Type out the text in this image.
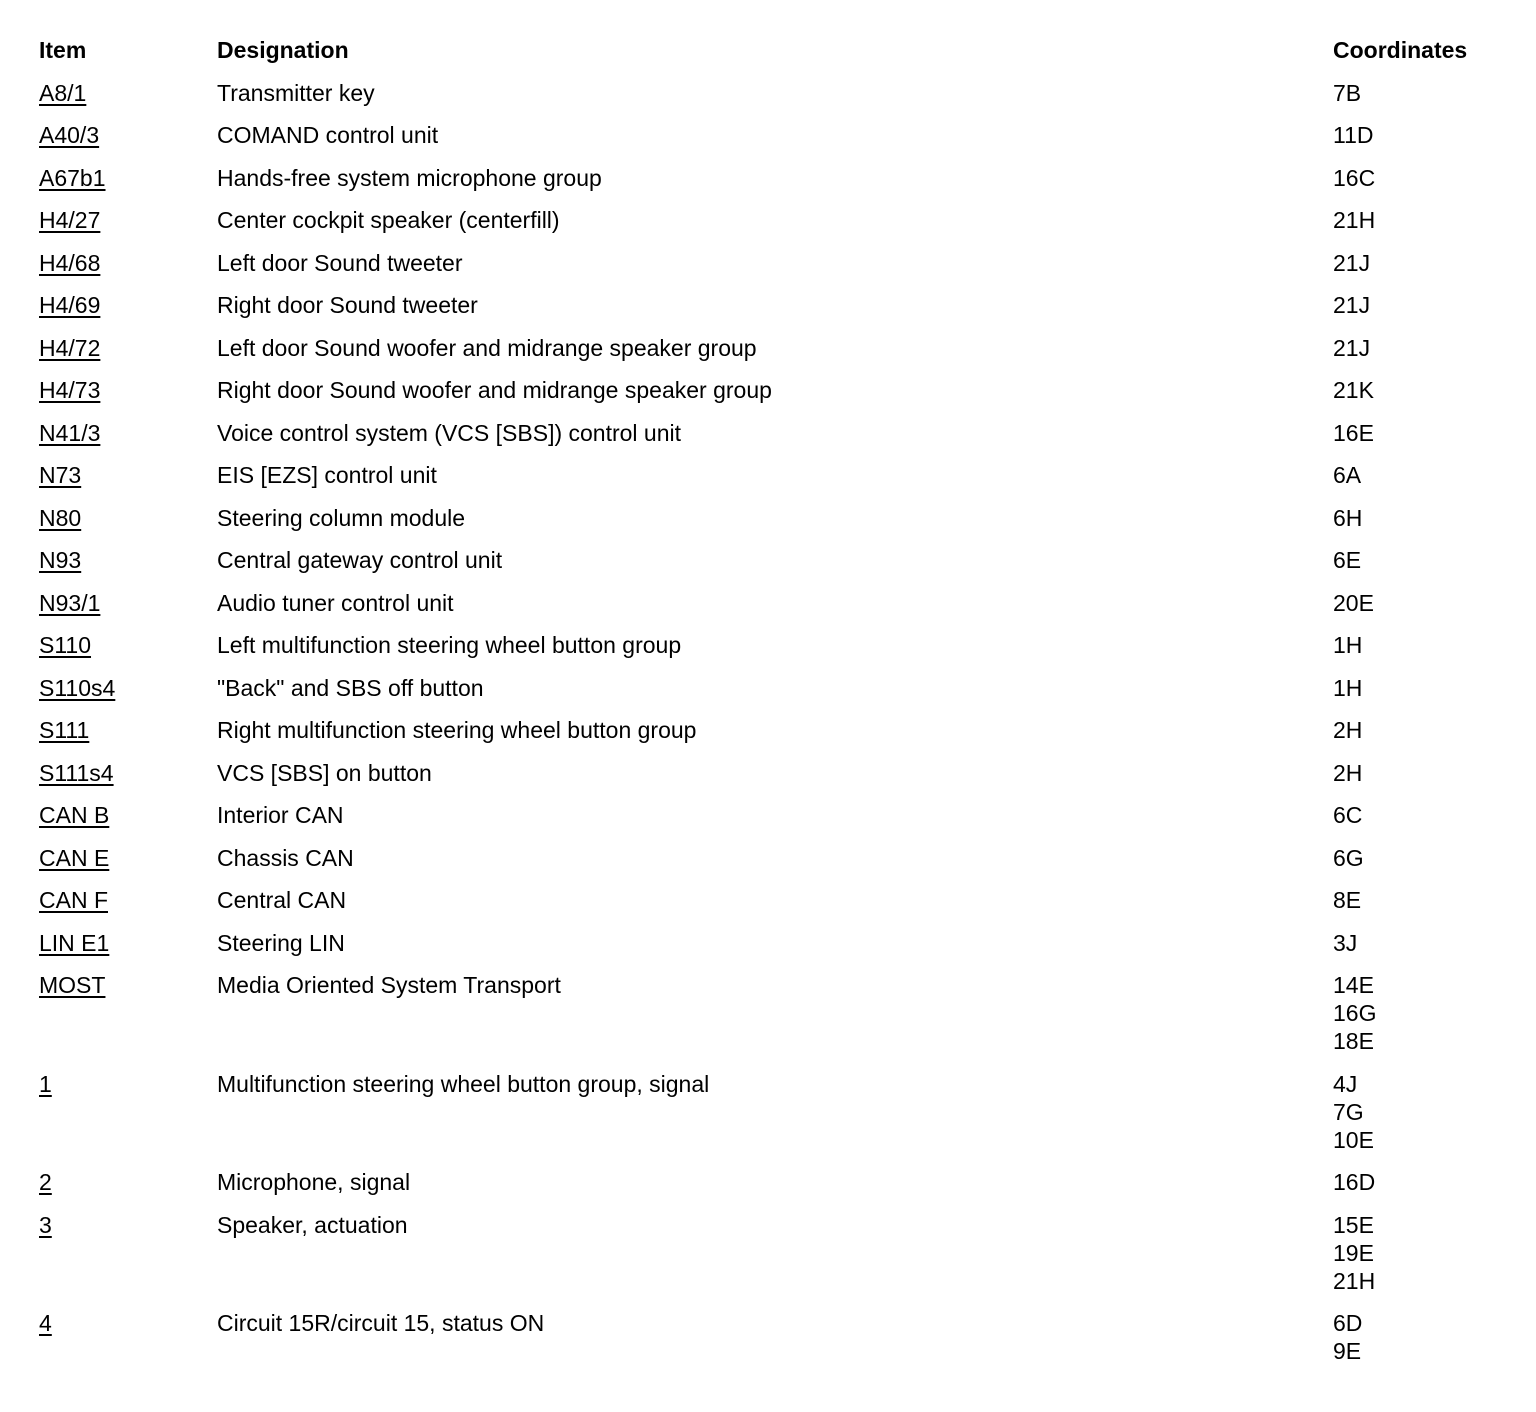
Item	Designation	Coordinates
A8/1	Transmitter key	7B
A40/3	COMAND control unit	11D
A67b1	Hands-free system microphone group	16C
H4/27	Center cockpit speaker (centerfill)	21H
H4/68	Left door Sound tweeter	21J
H4/69	Right door Sound tweeter	21J
H4/72	Left door Sound woofer and midrange speaker group	21J
H4/73	Right door Sound woofer and midrange speaker group	21K
N41/3	Voice control system (VCS [SBS]) control unit	16E
N73	EIS [EZS] control unit	6A
N80	Steering column module	6H
N93	Central gateway control unit	6E
N93/1	Audio tuner control unit	20E
S110	Left multifunction steering wheel button group	1H
S110s4	"Back" and SBS off button	1H
S111	Right multifunction steering wheel button group	2H
S111s4	VCS [SBS] on button	2H
CAN B	Interior CAN	6C
CAN E	Chassis CAN	6G
CAN F	Central CAN	8E
LIN E1	Steering LIN	3J
MOST	Media Oriented System Transport	14E
16G
18E
1	Multifunction steering wheel button group, signal	4J
7G
10E
2	Microphone, signal	16D
3	Speaker, actuation	15E
19E
21H
4	Circuit 15R/circuit 15, status ON	6D
9E
